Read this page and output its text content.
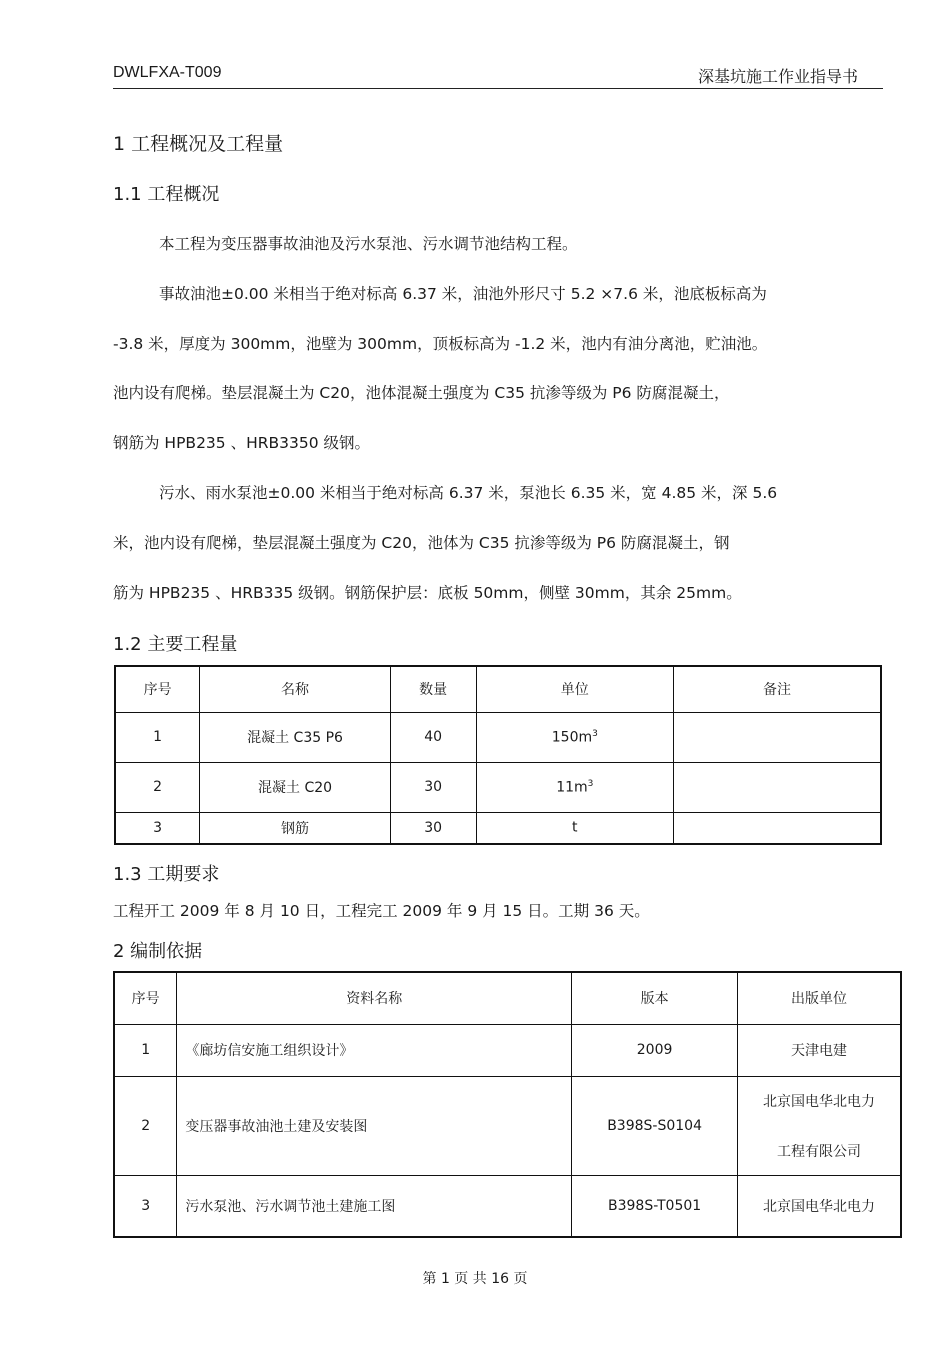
DWLFXA-T009	深基坑施工作业指导书
1 工程概况及工程量
1.1 工程概况
本工程为变压器事故油池及污水泵池、污水调节池结构工程。
事故油池±0.00 米相当于绝对标高 6.37 米，油池外形尺寸 5.2 ×7.6 米，池底板标高为
-3.8 米，厚度为 300mm，池壁为 300mm，顶板标高为 -1.2 米，池内有油分离池，贮油池。
池内设有爬梯。垫层混凝土为 C20，池体混凝土强度为 C35 抗渗等级为 P6 防腐混凝土，
钢筋为 HPB235 、HRB3350 级钢。
污水、雨水泵池±0.00 米相当于绝对标高 6.37 米，泵池长 6.35 米，宽 4.85 米，深 5.6
米，池内设有爬梯，垫层混凝土强度为 C20，池体为 C35 抗渗等级为 P6 防腐混凝土，钢
筋为 HPB235 、HRB335 级钢。钢筋保护层：底板 50mm，侧壁 30mm，其余 25mm。
1.2 主要工程量
序号	名称	数量	单位	备注
1	混凝土 C35 P6	40	$150m^3$	
2	混凝土 C20	30	$11m^3$	
3	钢筋	30	t	
1.3 工期要求
工程开工 2009 年 8 月 10 日，工程完工 2009 年 9 月 15 日。工期 36 天。
2 编制依据
序号	资料名称	版本	出版单位
1	《廊坊信安施工组织设计》	2009	天津电建
2	变压器事故油池土建及安装图	B398S-S0104	北京国电华北电力
工程有限公司

3	污水泵池、污水调节池土建施工图	B398S-T0501	北京国电华北电力
第 1 页 共 16 页
